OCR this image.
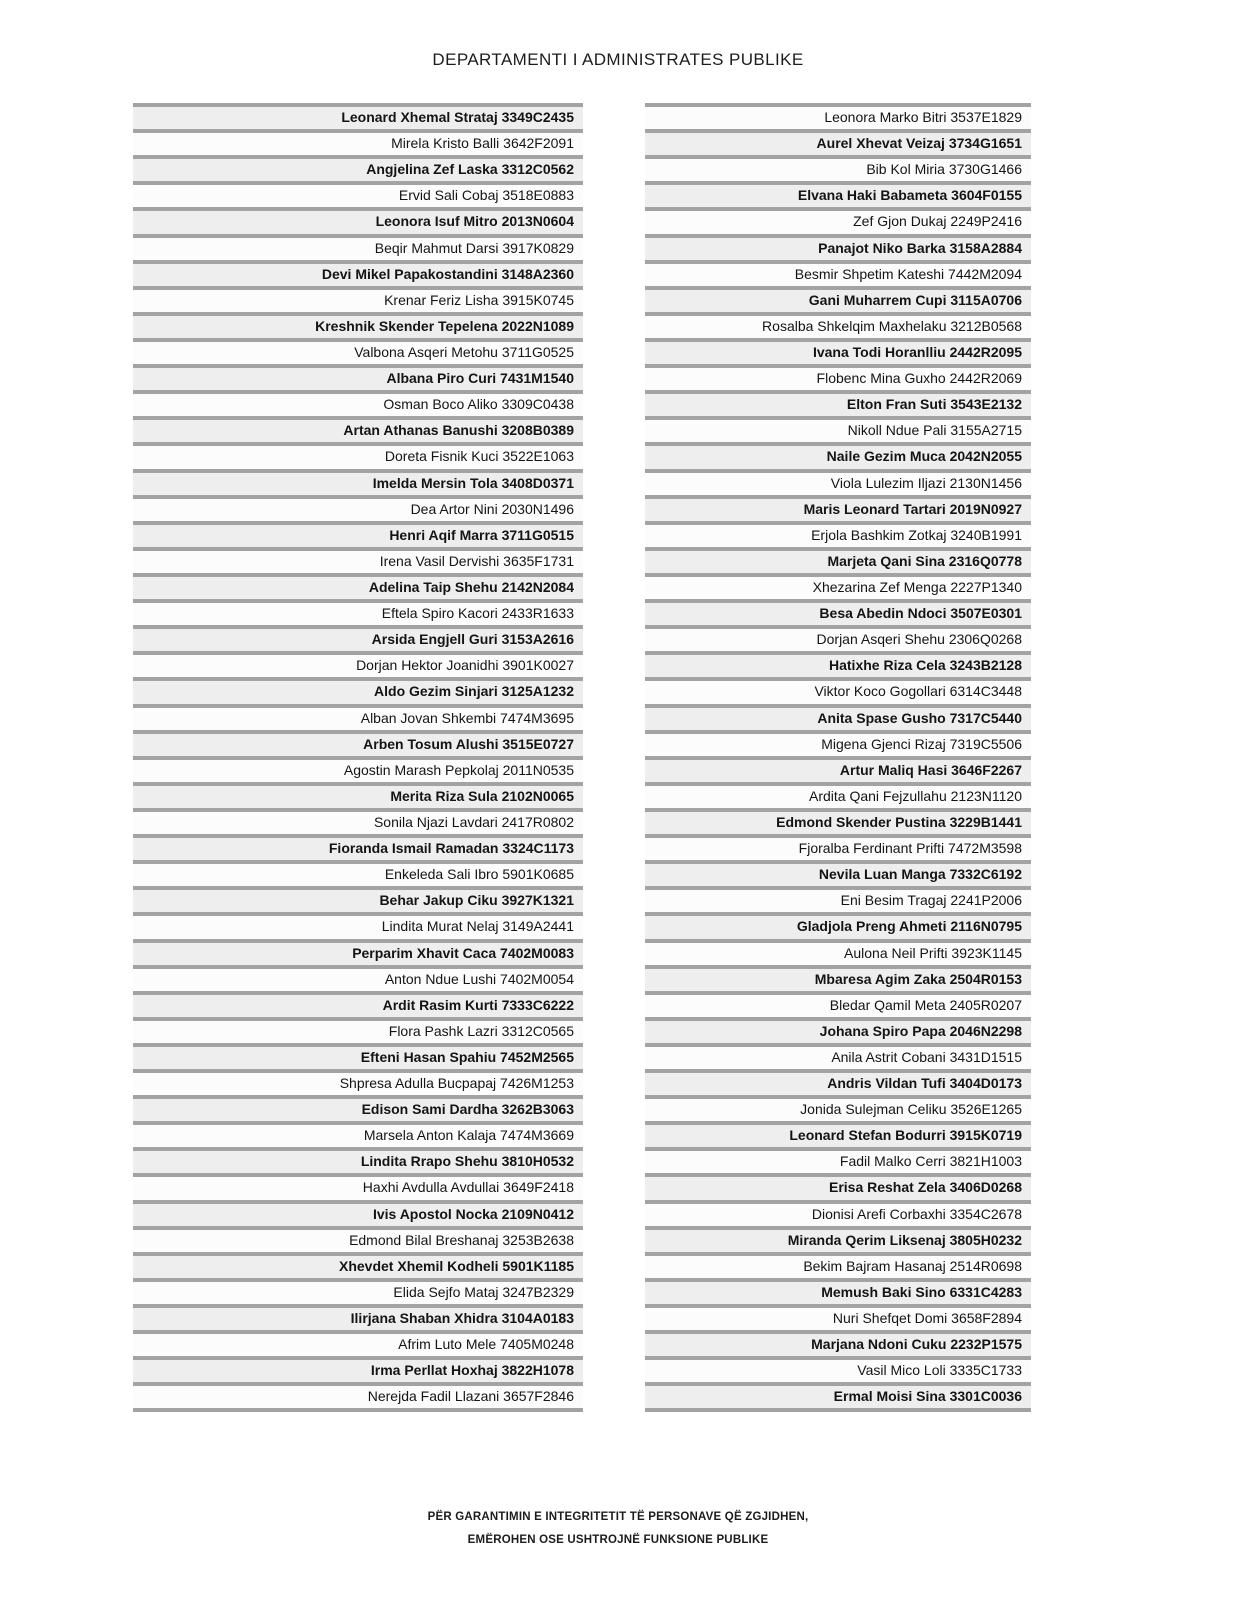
DEPARTAMENTI I ADMINISTRATES PUBLIKE
Leonard Xhemal Strataj 3349C2435
Mirela Kristo Balli 3642F2091
Angjelina Zef Laska 3312C0562
Ervid Sali Cobaj 3518E0883
Leonora Isuf Mitro 2013N0604
Beqir Mahmut Darsi 3917K0829
Devi Mikel Papakostandini 3148A2360
Krenar Feriz Lisha 3915K0745
Kreshnik Skender Tepelena 2022N1089
Valbona Asqeri Metohu 3711G0525
Albana Piro Curi 7431M1540
Osman Boco Aliko 3309C0438
Artan Athanas Banushi 3208B0389
Doreta Fisnik Kuci 3522E1063
Imelda Mersin Tola 3408D0371
Dea Artor Nini 2030N1496
Henri Aqif Marra 3711G0515
Irena Vasil Dervishi 3635F1731
Adelina Taip Shehu 2142N2084
Eftela Spiro Kacori 2433R1633
Arsida Engjell Guri 3153A2616
Dorjan Hektor Joanidhi 3901K0027
Aldo Gezim Sinjari 3125A1232
Alban Jovan Shkembi 7474M3695
Arben Tosum Alushi 3515E0727
Agostin Marash Pepkolaj 2011N0535
Merita Riza Sula 2102N0065
Sonila Njazi Lavdari 2417R0802
Fioranda Ismail Ramadan 3324C1173
Enkeleda Sali Ibro 5901K0685
Behar Jakup Ciku 3927K1321
Lindita Murat Nelaj 3149A2441
Perparim Xhavit Caca 7402M0083
Anton Ndue Lushi 7402M0054
Ardit Rasim Kurti 7333C6222
Flora Pashk Lazri 3312C0565
Efteni Hasan Spahiu 7452M2565
Shpresa Adulla Bucpapaj 7426M1253
Edison Sami Dardha 3262B3063
Marsela Anton Kalaja 7474M3669
Lindita Rrapo Shehu 3810H0532
Haxhi Avdulla Avdullai 3649F2418
Ivis Apostol Nocka 2109N0412
Edmond Bilal Breshanaj 3253B2638
Xhevdet Xhemil Kodheli 5901K1185
Elida Sejfo Mataj 3247B2329
Ilirjana Shaban Xhidra 3104A0183
Afrim Luto Mele 7405M0248
Irma Perllat Hoxhaj 3822H1078
Nerejda Fadil Llazani 3657F2846
Leonora Marko Bitri 3537E1829
Aurel Xhevat Veizaj 3734G1651
Bib Kol Miria 3730G1466
Elvana Haki Babameta 3604F0155
Zef Gjon Dukaj 2249P2416
Panajot Niko Barka 3158A2884
Besmir Shpetim Kateshi 7442M2094
Gani Muharrem Cupi 3115A0706
Rosalba Shkelqim Maxhelaku 3212B0568
Ivana Todi Horanlliu 2442R2095
Flobenc Mina Guxho 2442R2069
Elton Fran Suti 3543E2132
Nikoll Ndue Pali 3155A2715
Naile Gezim Muca 2042N2055
Viola Lulezim Iljazi 2130N1456
Maris Leonard Tartari 2019N0927
Erjola Bashkim Zotkaj 3240B1991
Marjeta Qani Sina 2316Q0778
Xhezarina Zef Menga 2227P1340
Besa Abedin Ndoci 3507E0301
Dorjan Asqeri Shehu 2306Q0268
Hatixhe Riza Cela 3243B2128
Viktor Koco Gogollari 6314C3448
Anita Spase Gusho 7317C5440
Migena Gjenci Rizaj 7319C5506
Artur Maliq Hasi 3646F2267
Ardita Qani Fejzullahu 2123N1120
Edmond Skender Pustina 3229B1441
Fjoralba Ferdinant Prifti 7472M3598
Nevila Luan Manga 7332C6192
Eni Besim Tragaj 2241P2006
Gladjola Preng Ahmeti 2116N0795
Aulona Neil Prifti 3923K1145
Mbaresa Agim Zaka 2504R0153
Bledar Qamil Meta 2405R0207
Johana Spiro Papa 2046N2298
Anila Astrit Cobani 3431D1515
Andris Vildan Tufi 3404D0173
Jonida Sulejman Celiku 3526E1265
Leonard Stefan Bodurri 3915K0719
Fadil Malko Cerri 3821H1003
Erisa Reshat Zela 3406D0268
Dionisi Arefi Corbaxhi 3354C2678
Miranda Qerim Liksenaj 3805H0232
Bekim Bajram Hasanaj 2514R0698
Memush Baki Sino 6331C4283
Nuri Shefqet Domi 3658F2894
Marjana Ndoni Cuku 2232P1575
Vasil Mico Loli 3335C1733
Ermal Moisi Sina 3301C0036
PËR GARANTIMIN E INTEGRITETIT TË PERSONAVE QË ZGJIDHEN,
EMËROHEN OSE USHTROJNË FUNKSIONE PUBLIKE
